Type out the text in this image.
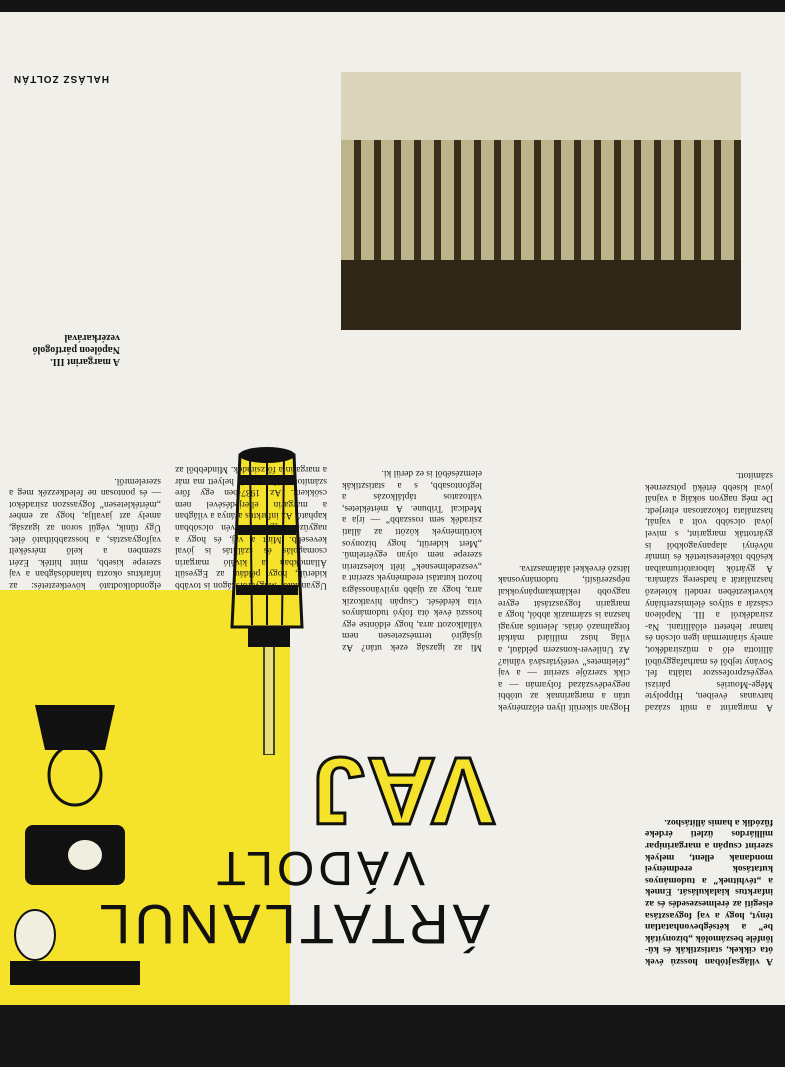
ÁRTATLANUL
VÁDOLT
VAJ
A világsajtóban hosszú évek óta cikkek, statisztikák és kü-lönféle beszámolók „bizonyíták be” a kétségbevonhatatlan tényt, hogy a vaj fogyasztása elsegíti az érelmeszesedés és az infarktus kialakulását. Ennek a „tévhitnek” a tudományos kutatások eredményei mondanak ellent, melyek szerint csupán a margarinipar milliárdos üzleti érdeke fűzódik a hamis állításhoz.
A margarint a múlt század hatvanas éveiben, Hippolyte Mège-Mouriès párizsi vegyészprofesszor találta fel. Sovány tejből és marhafaggyúból állította elő a műzsiradékot, amely sírántermán igen olcsón és hamar lehetett előállítani. Na-zsiradékról a III. Napóleon császár a súlyos élelmiszerhiány következtében rendeli kötelező használatát a hadsereg számára. A gyártók laboratóriumaiban később tökéletesítették és immár nővényi alapanyagokból is gyártották margarint, s mivel jóval olcsóbb volt a vajnál, használata fokozatosan elterjedt. De még nagyon sokáig a vajnál jóval kisebb értékű pótszernek számított.
Hogyan sikerült ilyen előzmények után a margarinnak az utóbbi negyedévszázad folyamán — a cikk szerzője szerint — a vaj „félelmetes” vetélytársává válnia? Az Unilever-konszern például, a világ húsz milliárd márkát forgalmazó óriás. Jelentős anyagi haszna is származik abból, hogy a margarin fogyasztását egyre nagyobb reklámkampányokkal népszerűsíti, tudományosnak látszó érvekkel alátámasztva.
Mi az igazság ezek után? Az újságíró természetesen nem vállalkozott arra, hogy eldöntse egy hosszú évek óta folyó tudományos vita kérdését. Csupán hivatkozik arra, hogy az újabb nyilvánosságra hozott kutatási eredmények szerint a „veszedelmesnek” ítélt koleszterin szerepe nem olyan egyértelmű. „Mert kiderült, hogy bizonyos körülmények között az állati zsiradék sem rosszabb” — írja a Medical Tribune. A mértékletes, változatos táplálkozás a legfontosabb, s a statisztikák elemzéséből is ez derül ki.
Ugyanakkor Magyarországon is tovább kiderült, hogy például az Egyesült Államokban a kiváló margarin csomagolás és szállítás is jóval kevesebb. Mint a vaj, és hogy a nagyüzemi gyártás révén olcsóbban kapható. Az infarktus aránya a világban a margarin elterjedésével nem csökkent. Az 1937-ben egy főre számított vajfogyasztás helyett ma már a margarin a fő zsiradék. Mindebből az elgondolkodtató következtetés: az infarktus okozta halandóságban a vaj szerepe kisebb, mint hitték. Ezért szemben a kelő mérsékelt vajfogyasztás, a hosszabbítható élet. Úgy tűnik, végül soron az igazság, amely azt javallja, hogy az ember „mértékletesen” fogyasszon zsiradékot — és pontosan ne feledkezzék meg a szerelemről.
A margarint III. Napóleon pártfogoló vezérkarával
HALÁSZ ZOLTÁN
